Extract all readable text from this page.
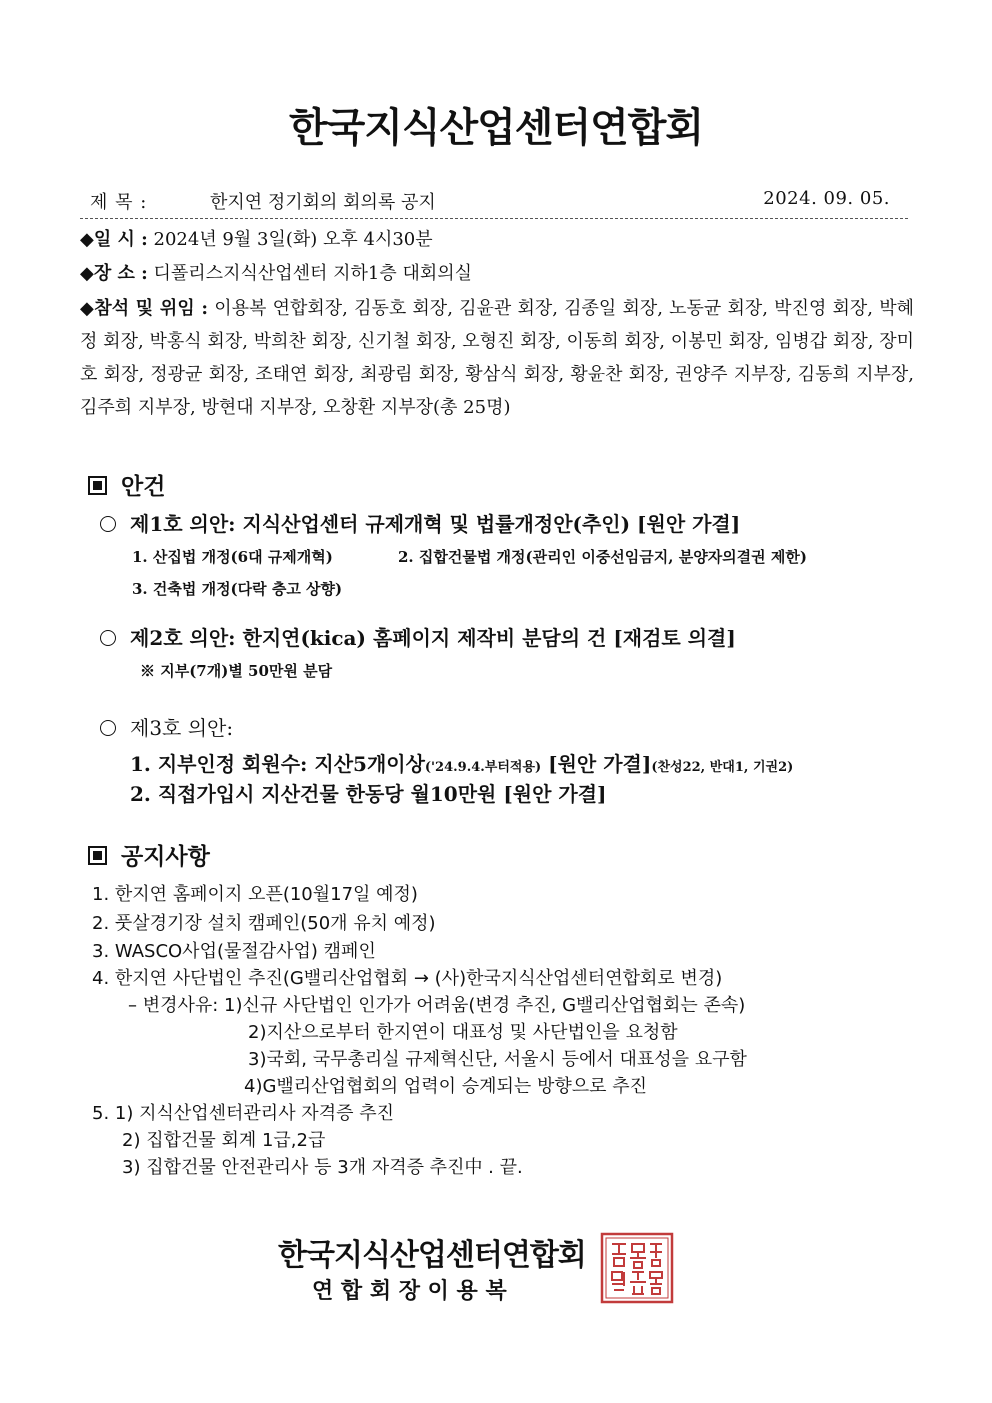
한국지식산업센터연합회
제 목 :	한지연 정기회의 회의록 공지	2024. 09. 05.
◆일 시 : 2024년 9월 3일(화) 오후 4시30분
◆장 소 : 디폴리스지식산업센터 지하1층 대회의실
◆참석 및 위임 : 이용복 연합회장, 김동호 회장, 김윤관 회장, 김종일 회장, 노동균 회장, 박진영 회장, 박혜정 회장, 박홍식 회장, 박희찬 회장, 신기철 회장, 오형진 회장, 이동희 회장, 이봉민 회장, 임병갑 회장, 장미호 회장, 정광균 회장, 조태연 회장, 최광림 회장, 황삼식 회장, 황윤찬 회장, 권양주 지부장, 김동희 지부장, 김주희 지부장, 방현대 지부장, 오창환 지부장(총 25명)
안건
제1호 의안: 지식산업센터 규제개혁 및 법률개정안(추인) [원안 가결]
1. 산집법 개정(6대 규제개혁)	2. 집합건물법 개정(관리인 이중선임금지, 분양자의결권 제한)
3. 건축법 개정(다락 층고 상향)
제2호 의안: 한지연(kica) 홈페이지 제작비 분담의 건 [재검토 의결]
※ 지부(7개)별 50만원 분담
제3호 의안:
1. 지부인정 회원수: 지산5개이상('24.9.4.부터적용) [원안 가결](찬성22, 반대1, 기권2)
2. 직접가입시 지산건물 한동당 월10만원 [원안 가결]
공지사항
1. 한지연 홈페이지 오픈(10월17일 예정)
2. 풋살경기장 설치 캠페인(50개 유치 예정)
3. WASCO사업(물절감사업) 캠페인
4. 한지연 사단법인 추진(G밸리산업협회 → (사)한국지식산업센터연합회로 변경)
– 변경사유: 1)신규 사단법인 인가가 어려움(변경 추진, G밸리산업협회는 존속)
2)지산으로부터 한지연이 대표성 및 사단법인을 요청함
3)국회, 국무총리실 규제혁신단, 서울시 등에서 대표성을 요구함
4)G밸리산업협회의 업력이 승계되는 방향으로 추진
5. 1) 지식산업센터관리사 자격증 추진
2) 집합건물 회계 1급,2급
3) 집합건물 안전관리사 등 3개 자격증 추진中 . 끝.
한국지식산업센터연합회
연 합 회 장 이 용 복
